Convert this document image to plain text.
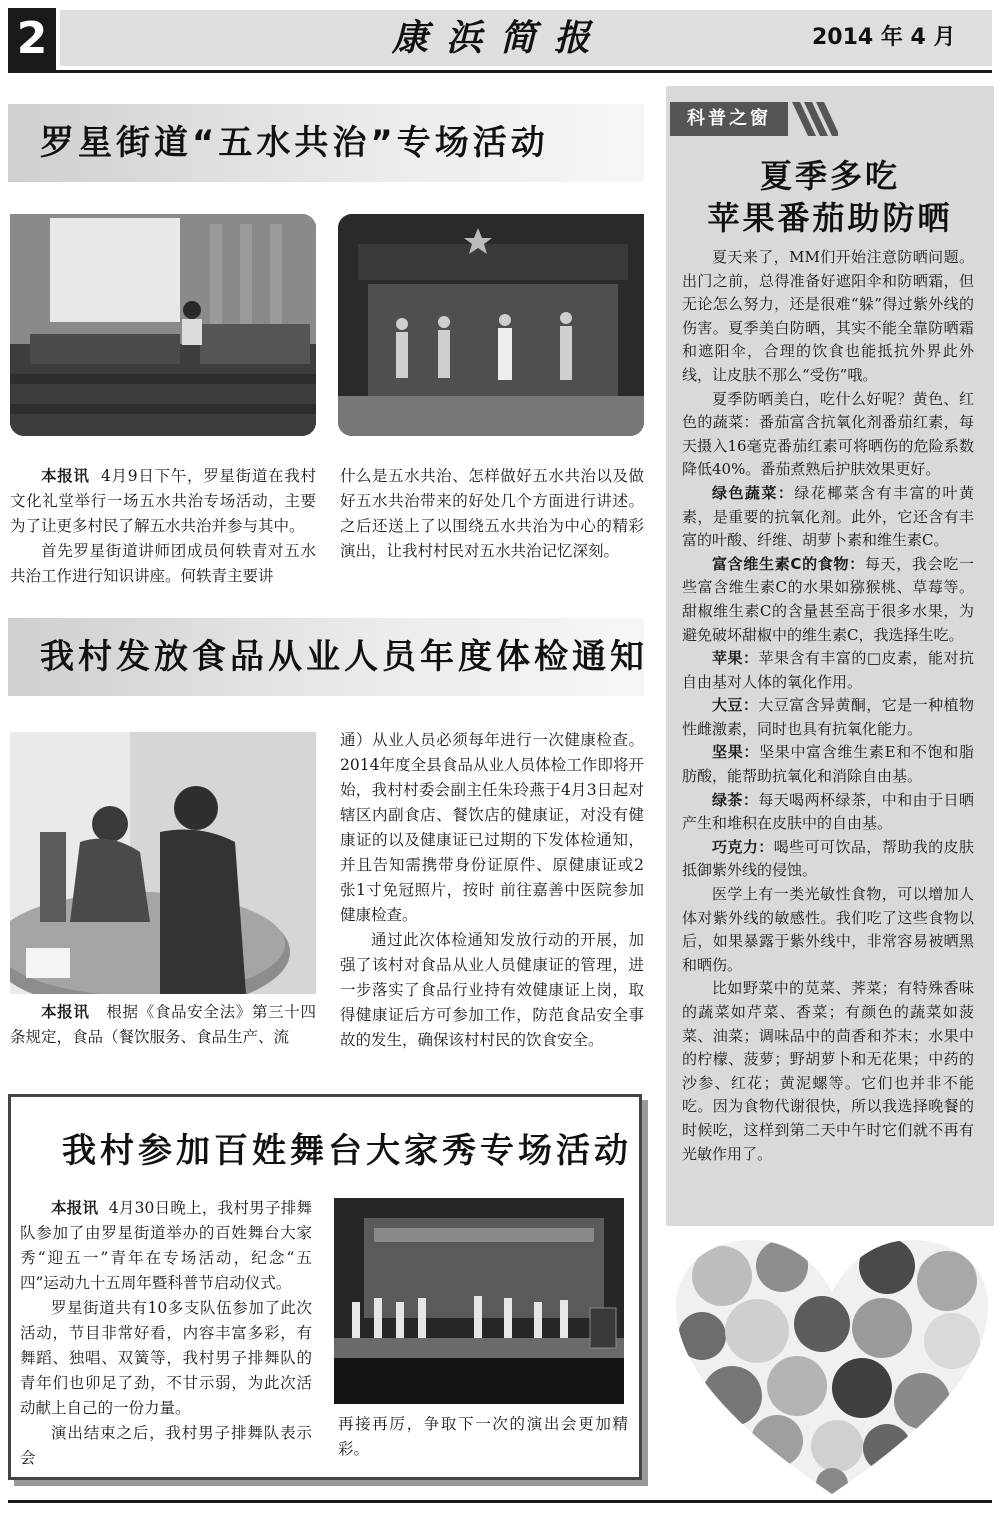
2	康浜简报	2014 年 4 月
罗星街道“五水共治”专场活动

本报讯 4月9日下午，罗星街道在我村文化礼堂举行一场五水共治专场活动，主要为了让更多村民了解五水共治并参与其中。

首先罗星街道讲师团成员何轶青对五水共治工作进行知识讲座。何轶青主要讲

什么是五水共治、怎样做好五水共治以及做好五水共治带来的好处几个方面进行讲述。之后还送上了以围绕五水共治为中心的精彩演出，让我村村民对五水共治记忆深刻。

我村发放食品从业人员年度体检通知

本报讯 根据《食品安全法》第三十四条规定，食品（餐饮服务、食品生产、流

通）从业人员必须每年进行一次健康检查。2014年度全县食品从业人员体检工作即将开始，我村村委会副主任朱玲燕于4月3日起对辖区内副食店、餐饮店的健康证，对没有健康证的以及健康证已过期的下发体检通知，并且告知需携带身份证原件、原健康证或2张1寸免冠照片，按时 前往嘉善中医院参加健康检查。

通过此次体检通知发放行动的开展，加强了该村对食品从业人员健康证的管理，进一步落实了食品行业持有效健康证上岗，取得健康证后方可参加工作，防范食品安全事故的发生，确保该村村民的饮食安全。

我村参加百姓舞台大家秀专场活动

本报讯 4月30日晚上，我村男子排舞队参加了由罗星街道举办的百姓舞台大家秀“迎五一”青年在专场活动，纪念“五四”运动九十五周年暨科普节启动仪式。

罗星街道共有10多支队伍参加了此次活动，节目非常好看，内容丰富多彩，有舞蹈、独唱、双簧等，我村男子排舞队的青年们也卯足了劲，不甘示弱，为此次活动献上自己的一份力量。

演出结束之后，我村男子排舞队表示会

再接再厉，争取下一次的演出会更加精彩。

科普之窗
夏季多吃
苹果番茄助防晒

夏天来了，MM们开始注意防晒问题。出门之前，总得准备好遮阳伞和防晒霜，但无论怎么努力，还是很难“躲”得过紫外线的伤害。夏季美白防晒，其实不能全靠防晒霜和遮阳伞，合理的饮食也能抵抗外界此外线，让皮肤不那么“受伤”哦。

夏季防晒美白，吃什么好呢？黄色、红色的蔬菜：番茄富含抗氧化剂番茄红素，每天摄入16毫克番茄红素可将晒伤的危险系数降低40%。番茄煮熟后护肤效果更好。

绿色蔬菜：绿花椰菜含有丰富的叶黄素，是重要的抗氧化剂。此外，它还含有丰富的叶酸、纤维、胡萝卜素和维生素C。

富含维生素C的食物：每天，我会吃一些富含维生素C的水果如猕猴桃、草莓等。甜椒维生素C的含量甚至高于很多水果，为避免破坏甜椒中的维生素C，我选择生吃。

苹果：苹果含有丰富的□皮素，能对抗自由基对人体的氧化作用。

大豆：大豆富含异黄酮，它是一种植物性雌激素，同时也具有抗氧化能力。

坚果：坚果中富含维生素E和不饱和脂肪酸，能帮助抗氧化和消除自由基。

绿茶：每天喝两杯绿茶，中和由于日晒产生和堆积在皮肤中的自由基。

巧克力：喝些可可饮品，帮助我的皮肤抵御紫外线的侵蚀。

医学上有一类光敏性食物，可以增加人体对紫外线的敏感性。我们吃了这些食物以后，如果暴露于紫外线中，非常容易被晒黑和晒伤。

比如野菜中的苋菜、荠菜；有特殊香味的蔬菜如芹菜、香菜；有颜色的蔬菜如菠菜、油菜；调味品中的茴香和芥末；水果中的柠檬、菠萝；野胡萝卜和无花果；中药的沙参、红花；黄泥螺等。它们也并非不能吃。因为食物代谢很快，所以我选择晚餐的时候吃，这样到第二天中午时它们就不再有光敏作用了。
